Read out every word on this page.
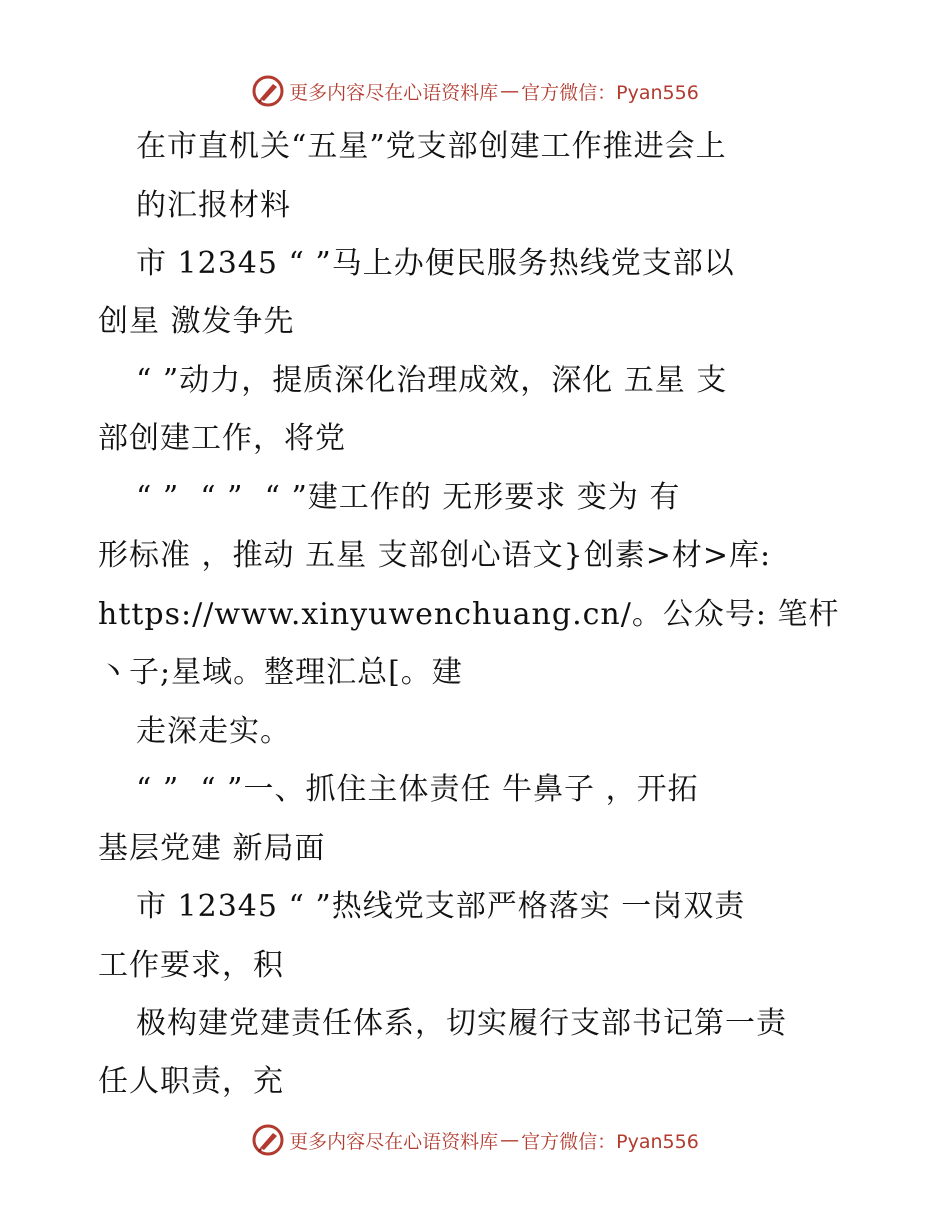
更多内容尽在心语资料库 — 官方微信：Pyan556
在市直机关“五星”党支部创建工作推进会上
的汇报材料
市 12345 “ ”马上办便民服务热线党支部以
创星 激发争先
“ ”动力，提质深化治理成效，深化 五星 支
部创建工作，将党
“ ”  “ ”  “ ”建工作的 无形要求 变为 有
形标准 ，推动 五星 支部创心语文}创素>材>库:
https://www.xinyuwenchuang.cn/。公众号: 笔杆
丶子;星域。整理汇总[。建
走深走实。
“ ”  “ ”一、抓住主体责任 牛鼻子 ，开拓
基层党建 新局面
市 12345 “ ”热线党支部严格落实 一岗双责
工作要求，积
极构建党建责任体系，切实履行支部书记第一责
任人职责，充
更多内容尽在心语资料库 — 官方微信：Pyan556
